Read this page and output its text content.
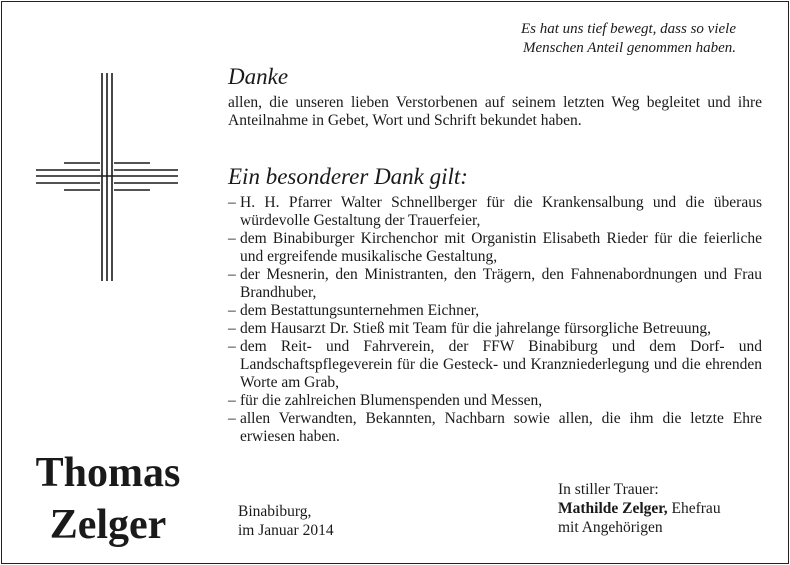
Es hat uns tief bewegt, dass so viele
Menschen Anteil genommen haben.
Thomas
Zelger
Danke
allen, die unseren lieben Verstorbenen auf seinem letzten Weg begleitet und ihre Anteilnahme in Gebet, Wort und Schrift bekundet haben.
Ein besonderer Dank gilt:
– H. H. Pfarrer Walter Schnellberger für die Krankensalbung und die überaus würdevolle Gestaltung der Trauerfeier,
– dem Binabiburger Kirchenchor mit Organistin Elisabeth Rieder für die feierliche und ergreifende musikalische Gestaltung,
– der Mesnerin, den Ministranten, den Trägern, den Fahnenabordnungen und Frau Brandhuber,
– dem Bestattungsunternehmen Eichner,
– dem Hausarzt Dr. Stieß mit Team für die jahrelange fürsorgliche Betreuung,
– dem Reit- und Fahrverein, der FFW Binabiburg und dem Dorf- und Landschaftspflegeverein für die Gesteck- und Kranzniederlegung und die ehrenden Worte am Grab,
– für die zahlreichen Blumenspenden und Messen,
– allen Verwandten, Bekannten, Nachbarn sowie allen, die ihm die letzte Ehre erwiesen haben.
Binabiburg,
im Januar 2014
In stiller Trauer:
Mathilde Zelger, Ehefrau
mit Angehörigen
